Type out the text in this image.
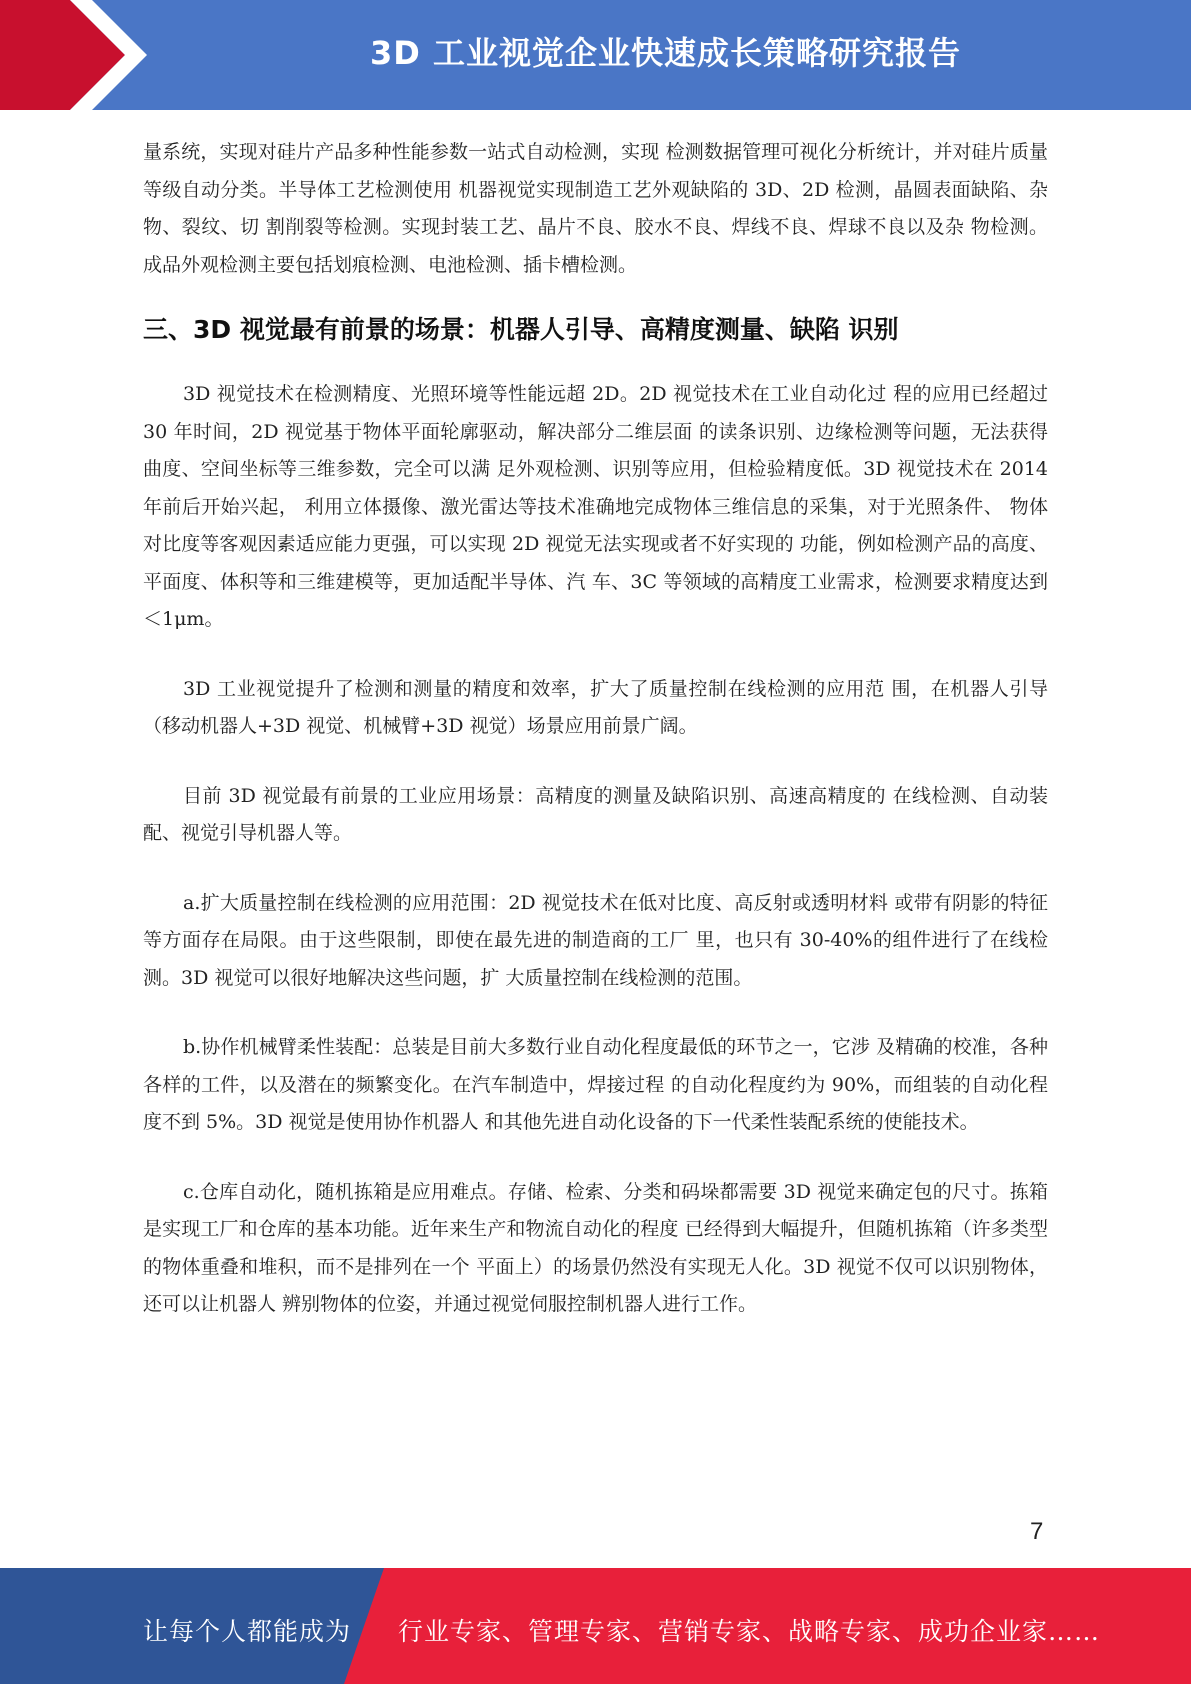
3D 工业视觉企业快速成长策略研究报告

量系统，实现对硅片产品多种性能参数一站式自动检测，实现 检测数据管理可视化分析统计，并对硅片质量等级自动分类。半导体工艺检测使用 机器视觉实现制造工艺外观缺陷的 3D、2D 检测，晶圆表面缺陷、杂物、裂纹、切 割削裂等检测。实现封装工艺、晶片不良、胶水不良、焊线不良、焊球不良以及杂 物检测。成品外观检测主要包括划痕检测、电池检测、插卡槽检测。

三、3D 视觉最有前景的场景：机器人引导、高精度测量、缺陷 识别

3D 视觉技术在检测精度、光照环境等性能远超 2D。2D 视觉技术在工业自动化过 程的应用已经超过 30 年时间，2D 视觉基于物体平面轮廓驱动，解决部分二维层面 的读条识别、边缘检测等问题，无法获得曲度、空间坐标等三维参数，完全可以满 足外观检测、识别等应用，但检验精度低。3D 视觉技术在 2014 年前后开始兴起， 利用立体摄像、激光雷达等技术准确地完成物体三维信息的采集，对于光照条件、 物体对比度等客观因素适应能力更强，可以实现 2D 视觉无法实现或者不好实现的 功能，例如检测产品的高度、平面度、体积等和三维建模等，更加适配半导体、汽 车、3C 等领域的高精度工业需求，检测要求精度达到＜1μm。

3D 工业视觉提升了检测和测量的精度和效率，扩大了质量控制在线检测的应用范 围，在机器人引导（移动机器人+3D 视觉、机械臂+3D 视觉）场景应用前景广阔。

目前 3D 视觉最有前景的工业应用场景：高精度的测量及缺陷识别、高速高精度的 在线检测、自动装配、视觉引导机器人等。

a.扩大质量控制在线检测的应用范围：2D 视觉技术在低对比度、高反射或透明材料 或带有阴影的特征等方面存在局限。由于这些限制，即使在最先进的制造商的工厂 里，也只有 30-40%的组件进行了在线检测。3D 视觉可以很好地解决这些问题，扩 大质量控制在线检测的范围。

b.协作机械臂柔性装配：总装是目前大多数行业自动化程度最低的环节之一，它涉 及精确的校准，各种各样的工件，以及潜在的频繁变化。在汽车制造中，焊接过程 的自动化程度约为 90%，而组装的自动化程度不到 5%。3D 视觉是使用协作机器人 和其他先进自动化设备的下一代柔性装配系统的使能技术。

c.仓库自动化，随机拣箱是应用难点。存储、检索、分类和码垛都需要 3D 视觉来确定包的尺寸。拣箱是实现工厂和仓库的基本功能。近年来生产和物流自动化的程度 已经得到大幅提升，但随机拣箱（许多类型的物体重叠和堆积，而不是排列在一个 平面上）的场景仍然没有实现无人化。3D 视觉不仅可以识别物体，还可以让机器人 辨别物体的位姿，并通过视觉伺服控制机器人进行工作。

7
让每个人都能成为 行业专家、管理专家、营销专家、战略专家、成功企业家……
